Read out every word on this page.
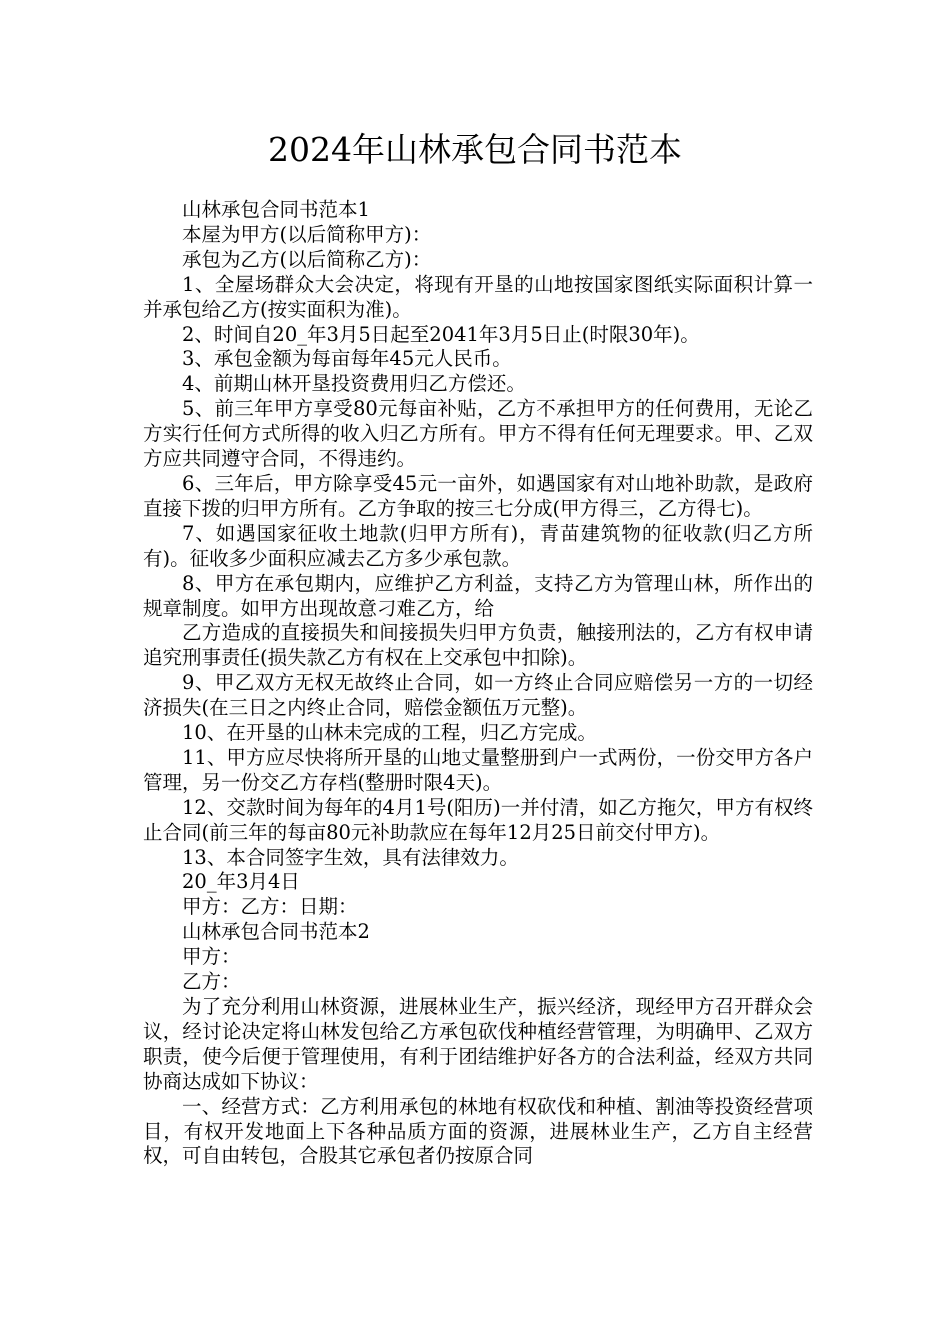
2024年山林承包合同书范本

山林承包合同书范本1

本屋为甲方(以后简称甲方)：

承包为乙方(以后简称乙方)：

1、全屋场群众大会决定，将现有开垦的山地按国家图纸实际面积计算一并承包给乙方(按实面积为准)。

2、时间自20_年3月5日起至2041年3月5日止(时限30年)。

3、承包金额为每亩每年45元人民币。

4、前期山林开垦投资费用归乙方偿还。

5、前三年甲方享受80元每亩补贴，乙方不承担甲方的任何费用，无论乙方实行任何方式所得的收入归乙方所有。甲方不得有任何无理要求。甲、乙双方应共同遵守合同，不得违约。

6、三年后，甲方除享受45元一亩外，如遇国家有对山地补助款，是政府直接下拨的归甲方所有。乙方争取的按三七分成(甲方得三，乙方得七)。

7、如遇国家征收土地款(归甲方所有)，青苗建筑物的征收款(归乙方所有)。征收多少面积应减去乙方多少承包款。

8、甲方在承包期内，应维护乙方利益，支持乙方为管理山林，所作出的规章制度。如甲方出现故意刁难乙方，给

乙方造成的直接损失和间接损失归甲方负责，触接刑法的，乙方有权申请追究刑事责任(损失款乙方有权在上交承包中扣除)。

9、甲乙双方无权无故终止合同，如一方终止合同应赔偿另一方的一切经济损失(在三日之内终止合同，赔偿金额伍万元整)。

10、在开垦的山林未完成的工程，归乙方完成。

11、甲方应尽快将所开垦的山地丈量整册到户一式两份，一份交甲方各户管理，另一份交乙方存档(整册时限4天)。

12、交款时间为每年的4月1号(阳历)一并付清，如乙方拖欠，甲方有权终止合同(前三年的每亩80元补助款应在每年12月25日前交付甲方)。

13、本合同签字生效，具有法律效力。

20_年3月4日

甲方：乙方：日期：

山林承包合同书范本2

甲方：

乙方：

为了充分利用山林资源，进展林业生产，振兴经济，现经甲方召开群众会议，经讨论决定将山林发包给乙方承包砍伐种植经营管理，为明确甲、乙双方职责，使今后便于管理使用，有利于团结维护好各方的合法利益，经双方共同协商达成如下协议：

一、经营方式：乙方利用承包的林地有权砍伐和种植、割油等投资经营项目，有权开发地面上下各种品质方面的资源，进展林业生产，乙方自主经营权，可自由转包，合股其它承包者仍按原合同
